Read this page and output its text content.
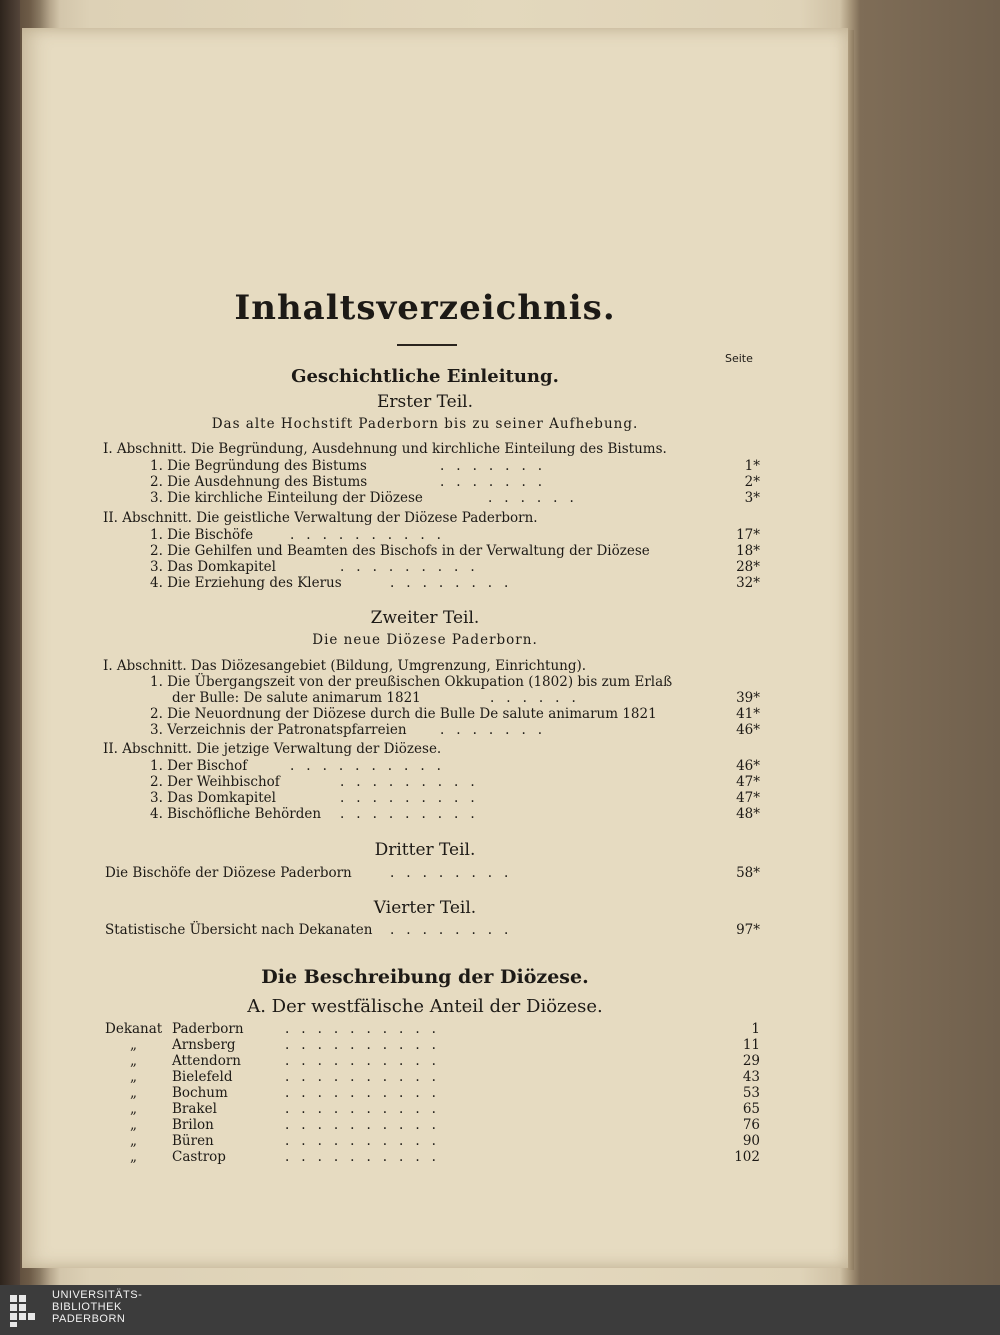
Inhaltsverzeichnis.
Seite
Geschichtliche Einleitung.
Erster Teil.
Das alte Hochstift Paderborn bis zu seiner Aufhebung.
I. Abschnitt. Die Begründung, Ausdehnung und kirchliche Einteilung des Bistums.
1. Die Begründung des Bistums	.......	1*
2. Die Ausdehnung des Bistums	.......	2*
3. Die kirchliche Einteilung der Diözese	......	3*
II. Abschnitt. Die geistliche Verwaltung der Diözese Paderborn.
1. Die Bischöfe	..........	17*
2. Die Gehilfen und Beamten des Bischofs in der Verwaltung der Diözese	18*
3. Das Domkapitel	.........	28*
4. Die Erziehung des Klerus	........	32*
Zweiter Teil.
Die neue Diözese Paderborn.
I. Abschnitt. Das Diözesangebiet (Bildung, Umgrenzung, Einrichtung).
1. Die Übergangszeit von der preußischen Okkupation (1802) bis zum Erlaß
der Bulle: De salute animarum 1821	......	39*
2. Die Neuordnung der Diözese durch die Bulle De salute animarum 1821	41*
3. Verzeichnis der Patronatspfarreien .......	46*
II. Abschnitt. Die jetzige Verwaltung der Diözese.
1. Der Bischof	..........	46*
2. Der Weihbischof	.........	47*
3. Das Domkapitel	.........	47*
4. Bischöfliche Behörden .........	48*
Dritter Teil.
Die Bischöfe der Diözese Paderborn	........	58*
Vierter Teil.
Statistische Übersicht nach Dekanaten ........	97*
Die Beschreibung der Diözese.
A. Der westfälische Anteil der Diözese.
Dekanat Paderborn	..........	1
„	Arnsberg	..........	11
„	Attendorn	..........	29
„	Bielefeld	..........	43
„	Bochum	..........	53
„	Brakel	..........	65
„	Brilon	..........	76
„	Büren	..........	90
„	Castrop	..........	102
UNIVERSITÄTS-
BIBLIOTHEK
PADERBORN
